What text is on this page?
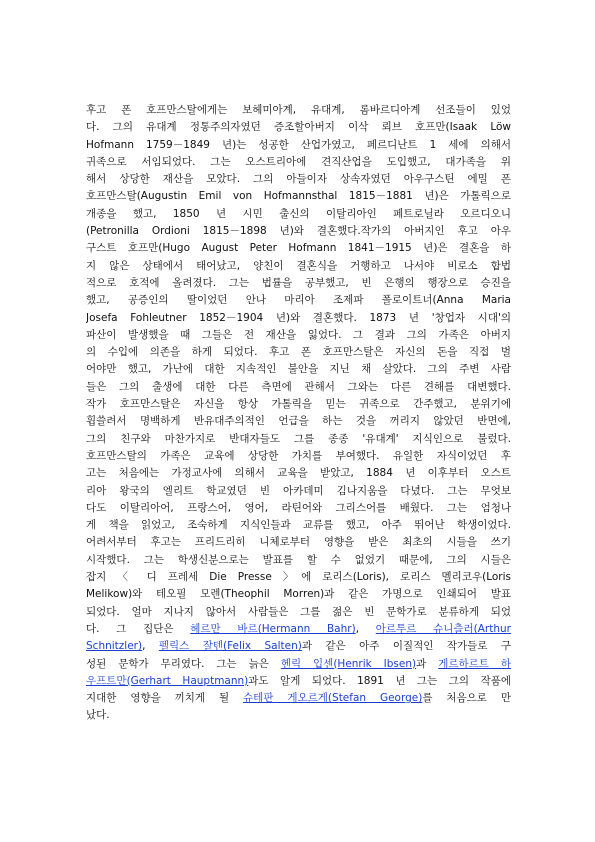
후고 폰 호프만스탈에게는 보헤미아계, 유대계, 롬바르디아계 선조들이 있었
다. 그의 유대계 정통주의자였던 증조할아버지 이삭 뢰브 호프만(Isaak Löw
Hofmann 1759－1849 년)는 성공한 산업가였고, 페르디난트 1 세에 의해서
귀족으로 서임되었다. 그는 오스트리아에 견직산업을 도입했고, 대가족을 위
해서 상당한 재산을 모았다. 그의 아들이자 상속자였던 아우구스틴 에밀 폰
호프만스탈(Augustin Emil von Hofmannsthal 1815－1881 년)은 가톨릭으로
개종을 했고, 1850 년 시민 출신의 이탈리아인 페트로닐라 오르디오니
(Petronilla Ordioni 1815－1898 년)와 결혼했다.작가의 아버지인 후고 아우
구스트 호프만(Hugo August Peter Hofmann 1841－1915 년)은 결혼을 하
지 않은 상태에서 태어났고, 양친이 결혼식을 거행하고 나서야 비로소 합법
적으로 호적에 올려졌다. 그는 법률을 공부했고, 빈 은행의 행장으로 승진을
했고, 공증인의 딸이었던 안나 마리아 조제파 폴로이트너(Anna Maria
Josefa Fohleutner 1852－1904 년)와 결혼했다. 1873 년 '창업자 시대'의
파산이 발생했을 때 그들은 전 재산을 잃었다. 그 결과 그의 가족은 아버지
의 수입에 의존을 하게 되었다. 후고 폰 호프만스탈은 자신의 돈을 직접 벌
어야만 했고, 가난에 대한 지속적인 불안을 지닌 채 살았다. 그의 주변 사람
들은 그의 출생에 대한 다른 측면에 관해서 그와는 다른 견해를 대변했다.
작가 호프만스탈은 자신을 항상 가톨릭을 믿는 귀족으로 간주했고, 분위기에
휩쓸려서 명백하게 반유대주의적인 언급을 하는 것을 꺼리지 않았던 반면에,
그의 친구와 마찬가지로 반대자들도 그를 종종 '유대계' 지식인으로 불렀다.
호프만스탈의 가족은 교육에 상당한 가치를 부여했다. 유일한 자식이었던 후
고는 처음에는 가정교사에 의해서 교육을 받았고, 1884 년 이후부터 오스트
리아 왕국의 엘리트 학교였던 빈 아카데미 김나지움을 다녔다. 그는 무엇보
다도 이탈리아어, 프랑스어, 영어, 라틴어와 그리스어를 배웠다. 그는 엄청나
게 책을 읽었고, 조숙하게 지식인들과 교류를 했고, 아주 뛰어난 학생이었다.
어려서부터 후고는 프리드리히 니체로부터 영향을 받은 최초의 시들을 쓰기
시작했다. 그는 학생신분으로는 발표를 할 수 없었기 때문에, 그의 시들은
잡지 〈 디 프레세 Die Presse 〉에 로리스(Loris), 로리스 멜리코우(Loris
Melikow)와 테오필 모렌(Theophil Morren)과 같은 가명으로 인쇄되어 발표
되었다. 얼마 지나지 않아서 사람들은 그를 젊은 빈 문학가로 분류하게 되었
다. 그 집단은 헤르만 바르(Hermann Bahr), 아르투르 슈니츨러(Arthur
Schnitzler), 펠릭스 잘텐(Felix Salten)과 같은 아주 이질적인 작가들로 구
성된 문학가 무리였다. 그는 늙은 헨릭 입센(Henrik Ibsen)과 게르하르트 하
우프트만(Gerhart Hauptmann)과도 알게 되었다. 1891 년 그는 그의 작품에
지대한 영향을 끼치게 될 슈테판 게오르게(Stefan George)를 처음으로 만
났다.
